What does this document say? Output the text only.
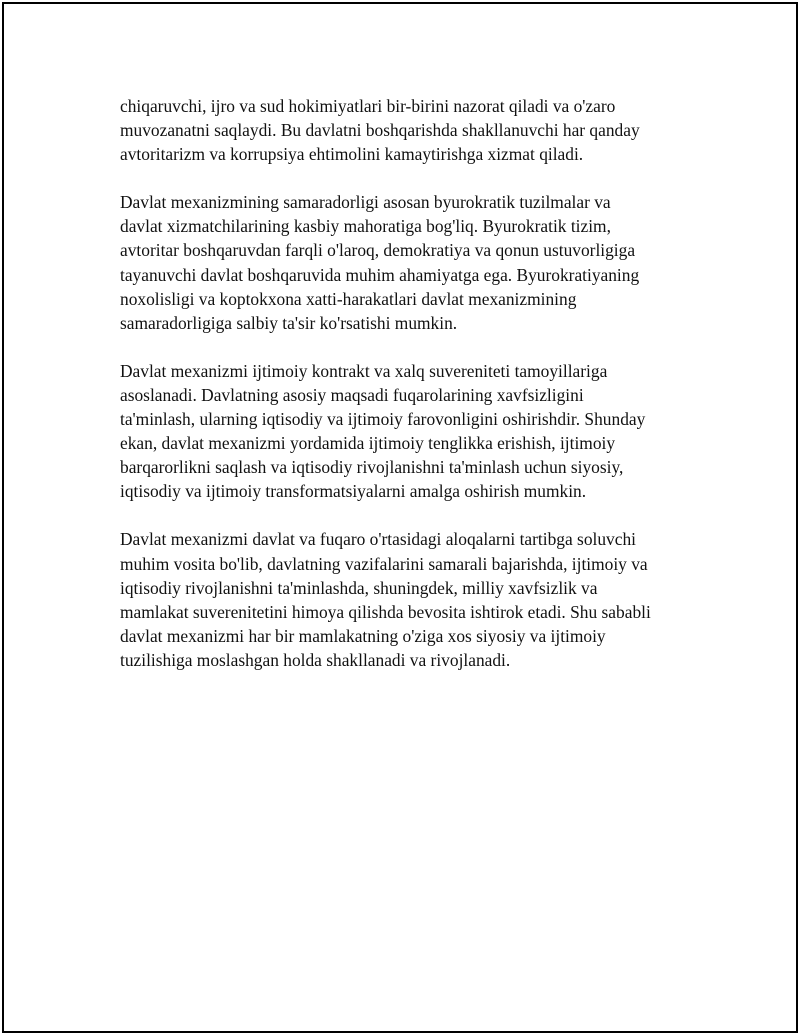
chiqaruvchi, ijro va sud hokimiyatlari bir-birini nazorat qiladi va o'zaro
muvozanatni saqlaydi. Bu davlatni boshqarishda shakllanuvchi har qanday
avtoritarizm va korrupsiya ehtimolini kamaytirishga xizmat qiladi.

Davlat mexanizmining samaradorligi asosan byurokratik tuzilmalar va
davlat xizmatchilarining kasbiy mahoratiga bog'liq. Byurokratik tizim,
avtoritar boshqaruvdan farqli o'laroq, demokratiya va qonun ustuvorligiga
tayanuvchi davlat boshqaruvida muhim ahamiyatga ega. Byurokratiyaning
noxolisligi va koptokxona xatti-harakatlari davlat mexanizmining
samaradorligiga salbiy ta'sir ko'rsatishi mumkin.

Davlat mexanizmi ijtimoiy kontrakt va xalq suvereniteti tamoyillariga
asoslanadi. Davlatning asosiy maqsadi fuqarolarining xavfsizligini
ta'minlash, ularning iqtisodiy va ijtimoiy farovonligini oshirishdir. Shunday
ekan, davlat mexanizmi yordamida ijtimoiy tenglikka erishish, ijtimoiy
barqarorlikni saqlash va iqtisodiy rivojlanishni ta'minlash uchun siyosiy,
iqtisodiy va ijtimoiy transformatsiyalarni amalga oshirish mumkin.

Davlat mexanizmi davlat va fuqaro o'rtasidagi aloqalarni tartibga soluvchi
muhim vosita bo'lib, davlatning vazifalarini samarali bajarishda, ijtimoiy va
iqtisodiy rivojlanishni ta'minlashda, shuningdek, milliy xavfsizlik va
mamlakat suverenitetini himoya qilishda bevosita ishtirok etadi. Shu sababli
davlat mexanizmi har bir mamlakatning o'ziga xos siyosiy va ijtimoiy
tuzilishiga moslashgan holda shakllanadi va rivojlanadi.
